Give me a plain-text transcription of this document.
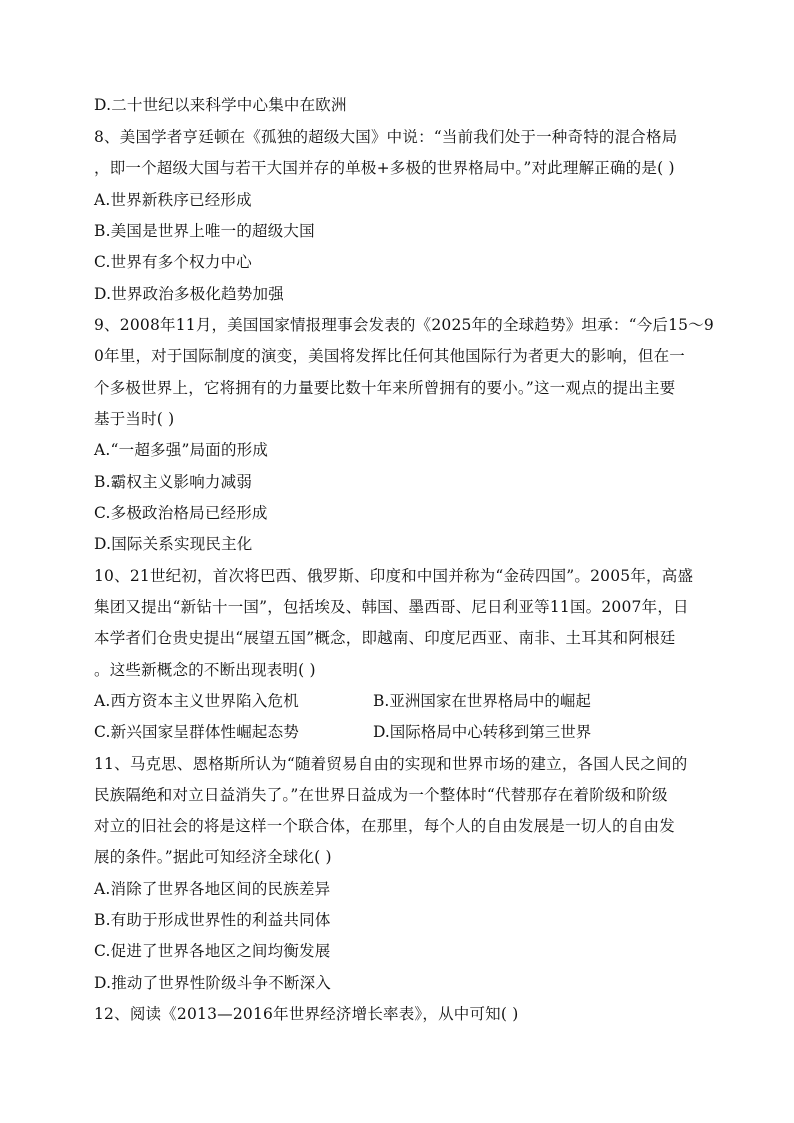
D.二十世纪以来科学中心集中在欧洲
8、美国学者亨廷顿在《孤独的超级大国》中说：“当前我们处于一种奇特的混合格局
，即一个超级大国与若干大国并存的单极+多极的世界格局中。”对此理解正确的是( )
A.世界新秩序已经形成
B.美国是世界上唯一的超级大国
C.世界有多个权力中心
D.世界政治多极化趋势加强
9、2008年11月，美国国家情报理事会发表的《2025年的全球趋势》坦承：“今后15～9
0年里，对于国际制度的演变，美国将发挥比任何其他国际行为者更大的影响，但在一
个多极世界上，它将拥有的力量要比数十年来所曾拥有的要小。”这一观点的提出主要
基于当时( )
A.“一超多强”局面的形成
B.霸权主义影响力减弱
C.多极政治格局已经形成
D.国际关系实现民主化
10、21世纪初，首次将巴西、俄罗斯、印度和中国并称为“金砖四国”。2005年，高盛
集团又提出“新钻十一国”，包括埃及、韩国、墨西哥、尼日利亚等11国。2007年，日
本学者们仓贵史提出“展望五国”概念，即越南、印度尼西亚、南非、土耳其和阿根廷
。这些新概念的不断出现表明( )
A.西方资本主义世界陷入危机	B.亚洲国家在世界格局中的崛起
C.新兴国家呈群体性崛起态势	D.国际格局中心转移到第三世界
11、马克思、恩格斯所认为“随着贸易自由的实现和世界市场的建立，各国人民之间的
民族隔绝和对立日益消失了。”在世界日益成为一个整体时“代替那存在着阶级和阶级
对立的旧社会的将是这样一个联合体，在那里，每个人的自由发展是一切人的自由发
展的条件。”据此可知经济全球化( )
A.消除了世界各地区间的民族差异
B.有助于形成世界性的利益共同体
C.促进了世界各地区之间均衡发展
D.推动了世界性阶级斗争不断深入
12、阅读《2013—2016年世界经济增长率表》，从中可知( )
